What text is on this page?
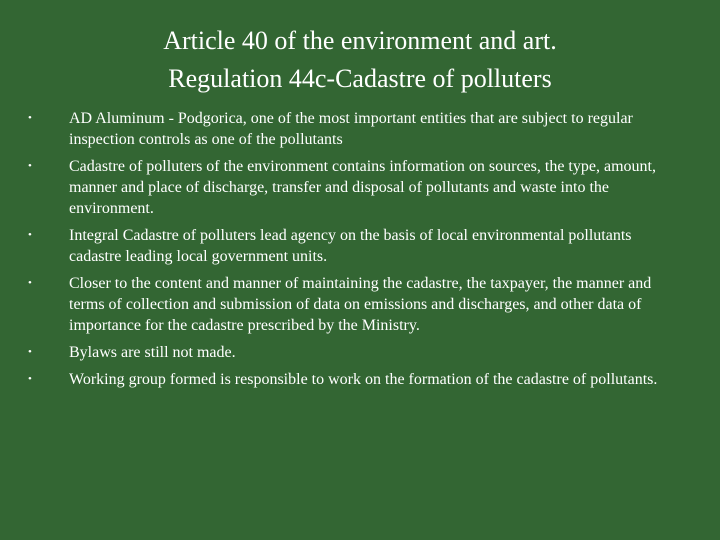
Article 40 of the environment and art.
Regulation 44c-Cadastre of polluters
• AD Aluminum - Podgorica, one of the most important entities that are subject to regular inspection controls as one of the pollutants
• Cadastre of polluters of the environment contains information on sources, the type, amount, manner and place of discharge, transfer and disposal of pollutants and waste into the environment.
• Integral Cadastre of polluters lead agency on the basis of local environmental pollutants cadastre leading local government units.
• Closer to the content and manner of maintaining the cadastre, the taxpayer, the manner and terms of collection and submission of data on emissions and discharges, and other data of importance for the cadastre prescribed by the Ministry.
• Bylaws are still not made.
• Working group formed is responsible to work on the formation of the cadastre of pollutants.
